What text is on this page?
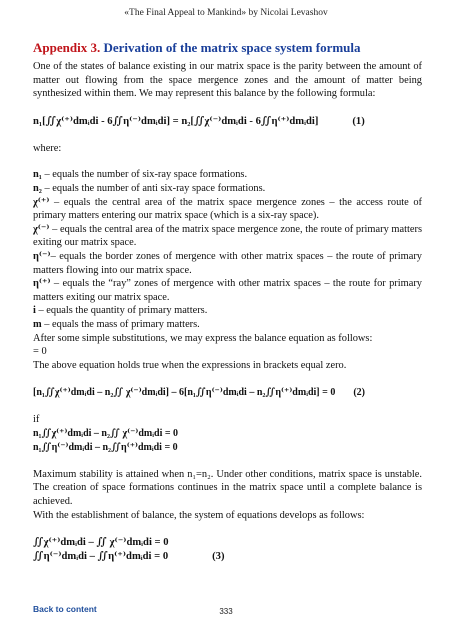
«The Final Appeal to Mankind» by Nicolai Levashov
Appendix 3. Derivation of the matrix space system formula

One of the states of balance existing in our matrix space is the parity between the amount of matter out flowing from the space mergence zones and the amount of matter being synthesized within them. We may represent this balance by the following formula:

n₁[∬χ⁽⁺⁾dmᵢdi - 6∬η⁽⁻⁾dmᵢdi] = n₂[∬χ⁽⁻⁾dmᵢdi - 6∬η⁽⁺⁾dmᵢdi]	(1)

where:

n₁ – equals the number of six-ray space formations.

n₂ – equals the number of anti six-ray space formations.

χ⁽⁺⁾ – equals the central area of the matrix space mergence zones – the access route of primary matters entering our matrix space (which is a six-ray space).

χ⁽⁻⁾ – equals the central area of the matrix space mergence zone, the route of primary matters exiting our matrix space.

η⁽⁻⁾– equals the border zones of mergence with other matrix spaces – the route of primary matters flowing into our matrix space.

η⁽⁺⁾ – equals the “ray” zones of mergence with other matrix spaces – the route for primary matters exiting our matrix space.

i – equals the quantity of primary matters.

m – equals the mass of primary matters.

After some simple substitutions, we may express the balance equation as follows:

= 0

The above equation holds true when the expressions in brackets equal zero.

[n₁∬χ⁽⁺⁾dmᵢdi – n₂∬ χ⁽⁻⁾dmᵢdi] – 6[n₁∬η⁽⁻⁾dmᵢdi – n₂∬η⁽⁺⁾dmᵢdi] = 0 (2)

if

n₁∬χ⁽⁺⁾dmᵢdi – n₂∬ χ⁽⁻⁾dmᵢdi = 0
n₁∬η⁽⁻⁾dmᵢdi – n₂∬η⁽⁺⁾dmᵢdi = 0

Maximum stability is attained when n₁=n₂. Under other conditions, matrix space is unstable. The creation of space formations continues in the matrix space until a complete balance is achieved.

With the establishment of balance, the system of equations develops as follows:

∬χ⁽⁺⁾dmᵢdi – ∬ χ⁽⁻⁾dmᵢdi = 0
∬η⁽⁻⁾dmᵢdi – ∬η⁽⁺⁾dmᵢdi = 0	(3)
Back to content	333
